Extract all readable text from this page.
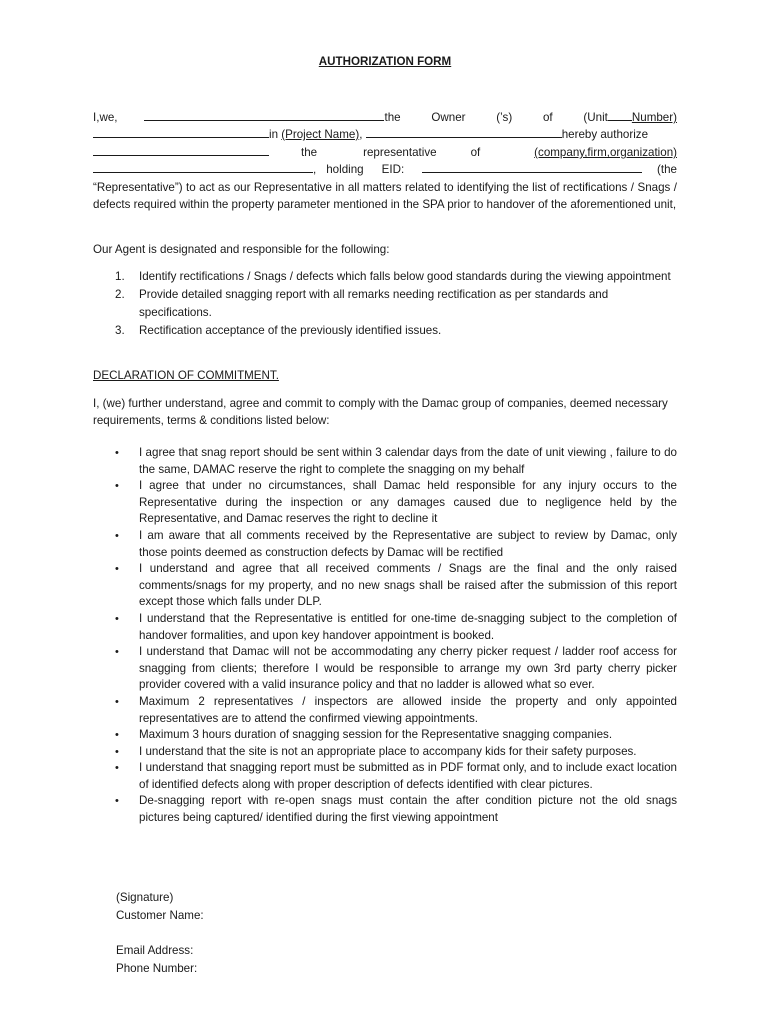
AUTHORIZATION FORM
I,we,	the	Owner	(’s)	of	(Unit Number)
in
(Project Name) ,
	hereby authorize
the	representative	of	(company,firm,organization)
, holding EID:	(the
“Representative”) to act as our Representative in all matters related to identifying the list of rectifications / Snags / defects required within the property parameter mentioned in the SPA prior to handover of the aforementioned unit,
Our Agent is designated and responsible for the following:
1. Identify rectifications / Snags / defects which falls below good standards during the viewing appointment
2. Provide detailed snagging report with all remarks needing rectification as per standards and specifications.
3. Rectification acceptance of the previously identified issues.
DECLARATION OF COMMITMENT.
I, (we) further understand, agree and commit to comply with the Damac group of companies, deemed necessary requirements, terms & conditions listed below:
• I agree that snag report should be sent within 3 calendar days from the date of unit viewing , failure to do the same, DAMAC reserve the right to complete the snagging on my behalf
• I agree that under no circumstances, shall Damac held responsible for any injury occurs to the Representative during the inspection or any damages caused due to negligence held by the Representative, and Damac reserves the right to decline it
• I am aware that all comments received by the Representative are subject to review by Damac, only those points deemed as construction defects by Damac will be rectified
• I understand and agree that all received comments / Snags are the final and the only raised comments/snags for my property, and no new snags shall be raised after the submission of this report except those which falls under DLP.
• I understand that the Representative is entitled for one-time de-snagging subject to the completion of handover formalities, and upon key handover appointment is booked.
• I understand that Damac will not be accommodating any cherry picker request / ladder roof access for snagging from clients; therefore I would be responsible to arrange my own 3rd party cherry picker provider covered with a valid insurance policy and that no ladder is allowed what so ever.
• Maximum 2 representatives / inspectors are allowed inside the property and only appointed representatives are to attend the confirmed viewing appointments.
• Maximum 3 hours duration of snagging session for the Representative snagging companies.
• I understand that the site is not an appropriate place to accompany kids for their safety purposes.
• I understand that snagging report must be submitted as in PDF format only, and to include exact location of identified defects along with proper description of defects identified with clear pictures.
• De-snagging report with re-open snags must contain the after condition picture not the old snags pictures being captured/ identified during the first viewing appointment
(Signature)
Customer Name:
Email Address:
Phone Number:
